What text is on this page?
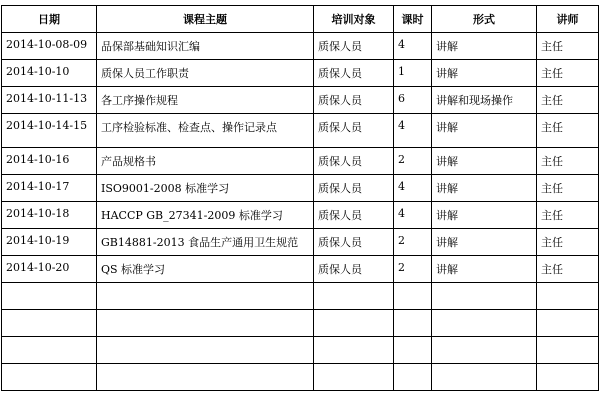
日期	课程主题	培训对象	课时	形式	讲师
2014-10-08-09	品保部基础知识汇编	质保人员	4	讲解	主任
2014-10-10	质保人员工作职责	质保人员	1	讲解	主任
2014-10-11-13	各工序操作规程	质保人员	6	讲解和现场操作	主任
2014-10-14-15	工序检验标准、检查点、操作记录点	质保人员	4	讲解	主任
2014-10-16	产品规格书	质保人员	2	讲解	主任
2014-10-17	ISO9001-2008 标准学习	质保人员	4	讲解	主任
2014-10-18	HACCP GB_27341-2009 标准学习	质保人员	4	讲解	主任
2014-10-19	GB14881-2013 食品生产通用卫生规范	质保人员	2	讲解	主任
2014-10-20	QS 标准学习	质保人员	2	讲解	主任
